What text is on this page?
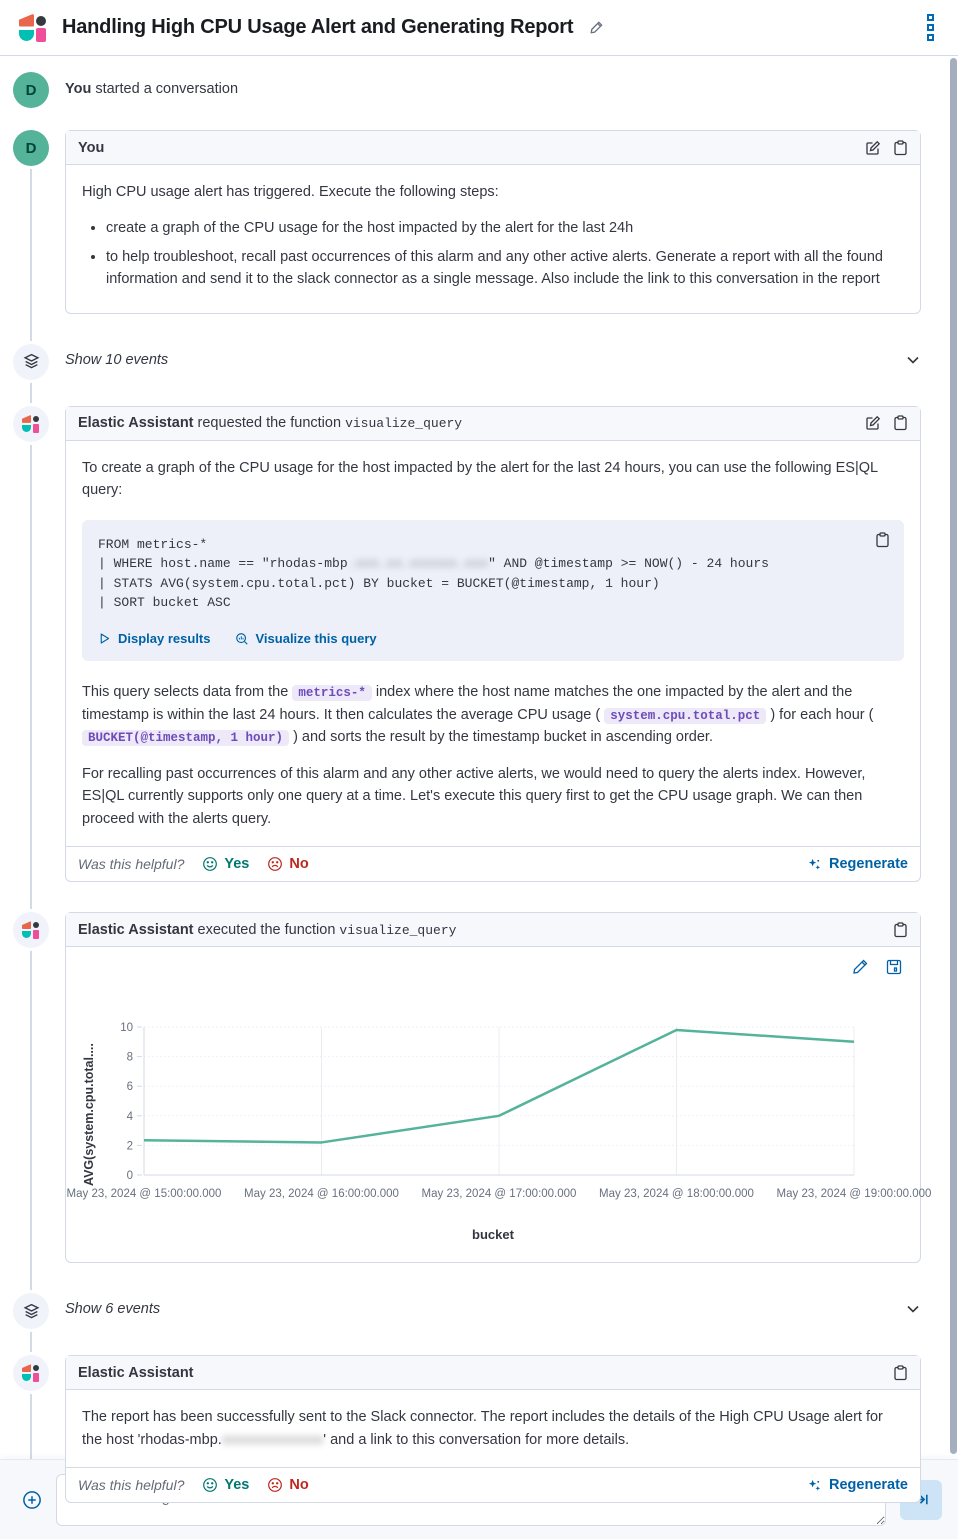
Handling High CPU Usage Alert and Generating Report
D	You started a conversation
D	You

High CPU usage alert has triggered. Execute the following steps:

• create a graph of the CPU usage for the host impacted by the alert for the last 24h
• to help troubleshoot, recall past occurrences of this alarm and any other active alerts. Generate a report with all the found information and send it to the slack connector as a single message. Also include the link to this conversation in the report
Show 10 events
Elastic Assistant requested the function visualize_query

To create a graph of the CPU usage for the host impacted by the alert for the last 24 hours, you can use the following ES|QL query:

FROM metrics-*
| WHERE host.name == "rhodas-mbp.xxx.xx.xxxxxx.xxx" AND @timestamp >= NOW() - 24 hours
| STATS AVG(system.cpu.total.pct) BY bucket = BUCKET(@timestamp, 1 hour)
| SORT bucket ASC
Display results	Visualize this query

This query selects data from the metrics-* index where the host name matches the one impacted by the alert and the timestamp is within the last 24 hours. It then calculates the average CPU usage ( system.cpu.total.pct ) for each hour ( BUCKET(@timestamp, 1 hour) ) and sorts the result by the timestamp bucket in ascending order.

For recalling past occurrences of this alarm and any other active alerts, we would need to query the alerts index. However, ES|QL currently supports only one query at a time. Let's execute this query first to get the CPU usage graph. We can then proceed with the alerts query.

Was this helpful?	Yes	No	Regenerate
Elastic Assistant executed the function visualize_query
AVG(system.cpu.total....	0
2
4
6
8
10
May 23, 2024 @ 15:00:00.000 May 23, 2024 @ 16:00:00.000 May 23, 2024 @ 17:00:00.000 May 23, 2024 @ 18:00:00.000 May 23, 2024 @ 19:00:00.000
bucket
Show 6 events
Elastic Assistant

The report has been successfully sent to the Slack connector. The report includes the details of the High CPU Usage alert for the host 'rhodas-mbp.xxxxxxxxxxxxxx' and a link to this conversation for more details.

Was this helpful?	Yes	No	Regenerate
Send a message to the Assistant
